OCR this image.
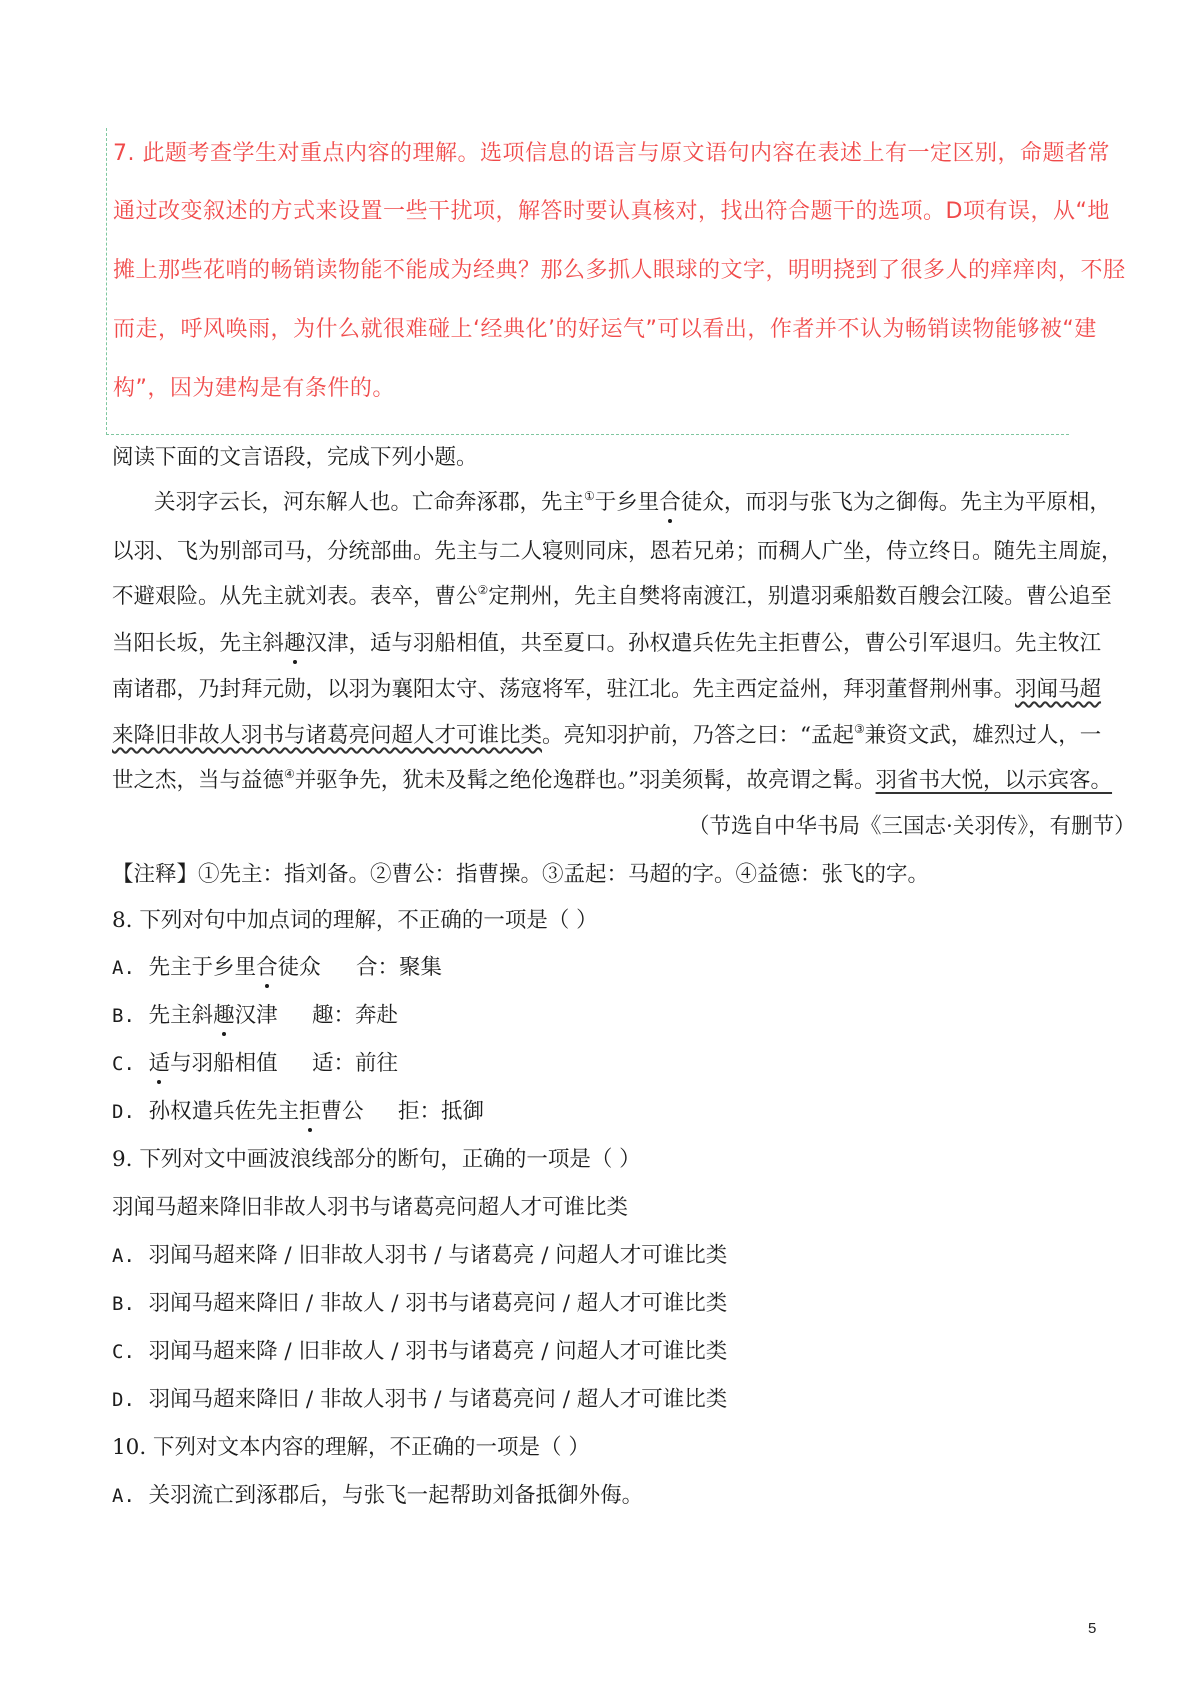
7. 此题考查学生对重点内容的理解。选项信息的语言与原文语句内容在表述上有一定区别，命题者常
通过改变叙述的方式来设置一些干扰项，解答时要认真核对，找出符合题干的选项。D项有误，从“地
摊上那些花哨的畅销读物能不能成为经典？那么多抓人眼球的文字，明明挠到了很多人的痒痒肉，不胫
而走，呼风唤雨，为什么就很难碰上‘经典化’的好运气”可以看出，作者并不认为畅销读物能够被“建
构”，因为建构是有条件的。
阅读下面的文言语段，完成下列小题。
关羽字云长，河东解人也。亡命奔涿郡，先主①于乡里合徒众，而羽与张飞为之御侮。先主为平原相，
以羽、飞为别部司马，分统部曲。先主与二人寝则同床，恩若兄弟；而稠人广坐，侍立终日。随先主周旋，
不避艰险。从先主就刘表。表卒，曹公②定荆州，先主自樊将南渡江，别遣羽乘船数百艘会江陵。曹公追至
当阳长坂，先主斜趣汉津，适与羽船相值，共至夏口。孙权遣兵佐先主拒曹公，曹公引军退归。先主牧江
南诸郡，乃封拜元勋，以羽为襄阳太守、荡寇将军，驻江北。先主西定益州，拜羽董督荆州事。羽闻马超
来降旧非故人羽书与诸葛亮问超人才可谁比类。亮知羽护前，乃答之曰：“孟起③兼资文武，雄烈过人，一
世之杰，当与益德④并驱争先，犹未及髯之绝伦逸群也。”羽美须髯，故亮谓之髯。羽省书大悦，以示宾客。
（节选自中华书局《三国志·关羽传》，有删节）
【注释】①先主：指刘备。②曹公：指曹操。③孟起：马超的字。④益德：张飞的字。
8. 下列对句中加点词的理解，不正确的一项是（ ）
A. 先主于乡里合徒众 合：聚集
B. 先主斜趣汉津 趣：奔赴
C. 适与羽船相值 适：前往
D. 孙权遣兵佐先主拒曹公 拒：抵御
9. 下列对文中画波浪线部分的断句，正确的一项是（ ）
羽闻马超来降旧非故人羽书与诸葛亮问超人才可谁比类
A. 羽闻马超来降 / 旧非故人羽书 / 与诸葛亮 / 问超人才可谁比类
B. 羽闻马超来降旧 / 非故人 / 羽书与诸葛亮问 / 超人才可谁比类
C. 羽闻马超来降 / 旧非故人 / 羽书与诸葛亮 / 问超人才可谁比类
D. 羽闻马超来降旧 / 非故人羽书 / 与诸葛亮问 / 超人才可谁比类
10. 下列对文本内容的理解，不正确的一项是（ ）
A. 关羽流亡到涿郡后，与张飞一起帮助刘备抵御外侮。
5
